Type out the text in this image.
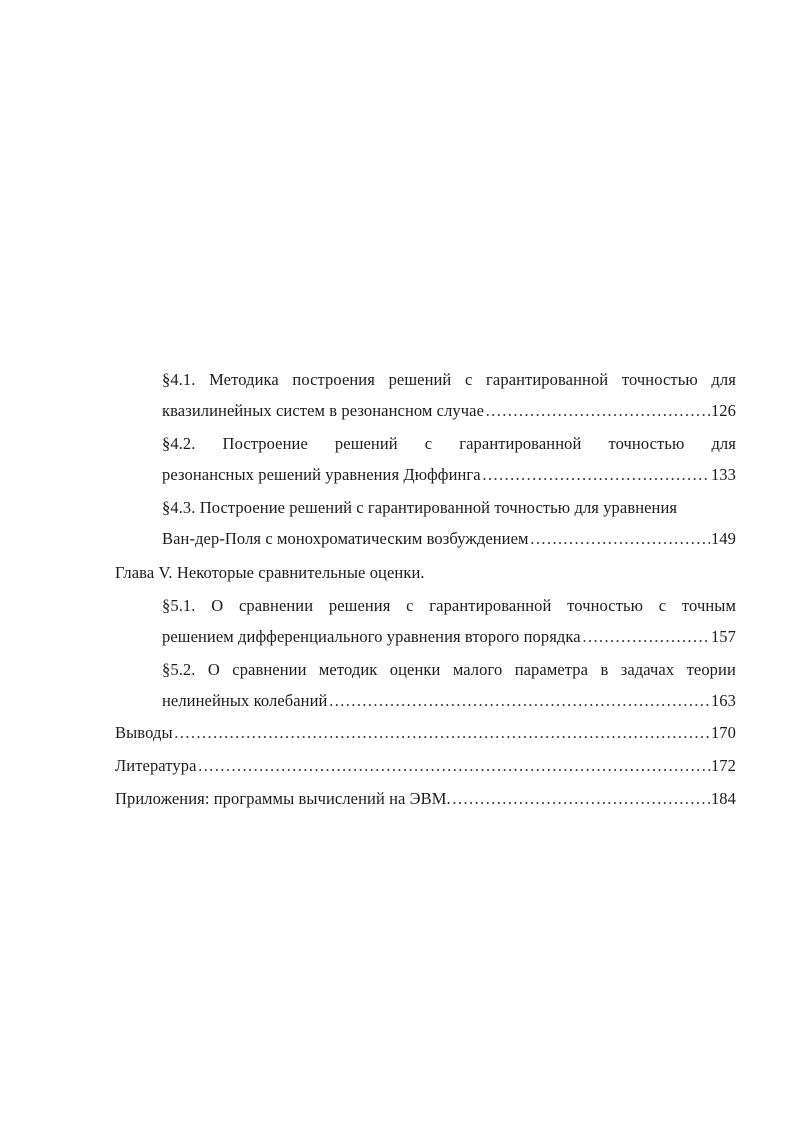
§4.1. Методика построения решений с гарантированной точностью для
квазилинейных систем в резонансном случае ……………………………………………………………………………………………………………………………………………………………………………………	126
§4.2. Построение решений с гарантированной точностью для
резонансных решений уравнения Дюффинга ……………………………………………………………………………………………………………………………………………………………………………………	133
§4.3. Построение решений с гарантированной точностью для уравнения
Ван-дер-Поля с монохроматическим возбуждением ……………………………………………………………………………………………………………………………………………………………………………………	149
Глава V. Некоторые сравнительные оценки.
§5.1. О сравнении решения с гарантированной точностью с точным
решением дифференциального уравнения второго порядка ……………………………………………………………………………………………………………………………………………………………………………………	157
§5.2. О сравнении методик оценки малого параметра в задачах теории
нелинейных колебаний ……………………………………………………………………………………………………………………………………………………………………………………	163
Выводы ……………………………………………………………………………………………………………………………………………………………………………………	170
Литература ……………………………………………………………………………………………………………………………………………………………………………………	172
Приложения: программы вычислений на ЭВМ. ……………………………………………………………………………………………………………………………………………………………………………………	184
